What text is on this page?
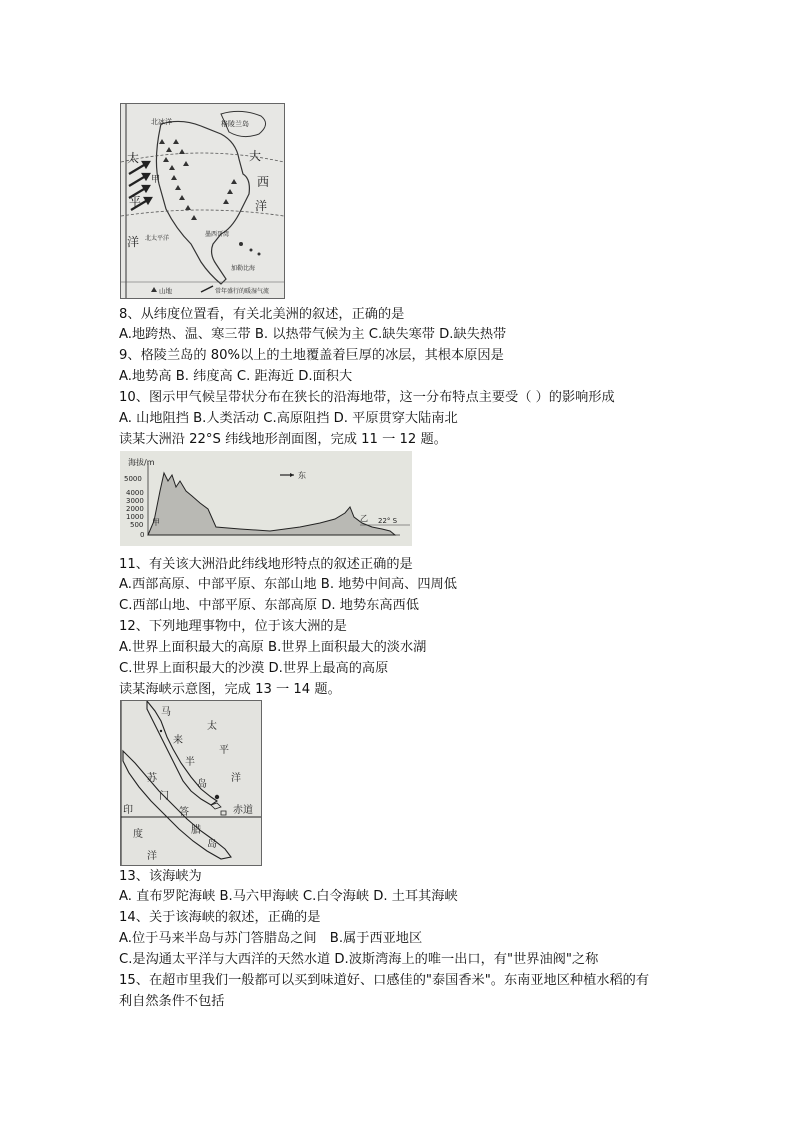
北冰洋	格陵兰岛
太
平
洋
大
西
洋
甲
北太平洋
墨西哥湾
加勒比海
山地	常年盛行的暖湿气流
8、从纬度位置看，有关北美洲的叙述，正确的是
A.地跨热、温、寒三带 B. 以热带气候为主 C.缺失寒带 D.缺失热带
9、格陵兰岛的 80%以上的土地覆盖着巨厚的冰层，其根本原因是
A.地势高 B. 纬度高 C. 距海近 D.面积大
10、图示甲气候呈带状分布在狭长的沿海地带，这一分布特点主要受（ ）的影响形成
A. 山地阻挡 B.人类活动 C.高原阻挡 D. 平原贯穿大陆南北
读某大洲沿 22°S 纬线地形剖面图，完成 11 一 12 题。
海拔/m
5000
4000
3000
2000
1000
500
0
东
甲	乙 22° S
11、有关该大洲沿此纬线地形特点的叙述正确的是
A.西部高原、中部平原、东部山地 B. 地势中间高、四周低
C.西部山地、中部平原、东部高原 D. 地势东高西低
12、下列地理事物中，位于该大洲的是
A.世界上面积最大的高原 B.世界上面积最大的淡水湖
C.世界上面积最大的沙漠 D.世界上最高的高原
读某海峡示意图，完成 13 一 14 题。
马
来
半
岛
太
平
洋
苏
门
答
腊
岛
印
度
洋
赤道
13、该海峡为
A. 直布罗陀海峡 B.马六甲海峡 C.白令海峡 D. 土耳其海峡
14、关于该海峡的叙述，正确的是
A.位于马来半岛与苏门答腊岛之间　B.属于西亚地区
C.是沟通太平洋与大西洋的天然水道 D.波斯湾海上的唯一出口，有"世界油阀"之称
15、在超市里我们一般都可以买到味道好、口感佳的"泰国香米"。东南亚地区种植水稻的有
利自然条件不包括
